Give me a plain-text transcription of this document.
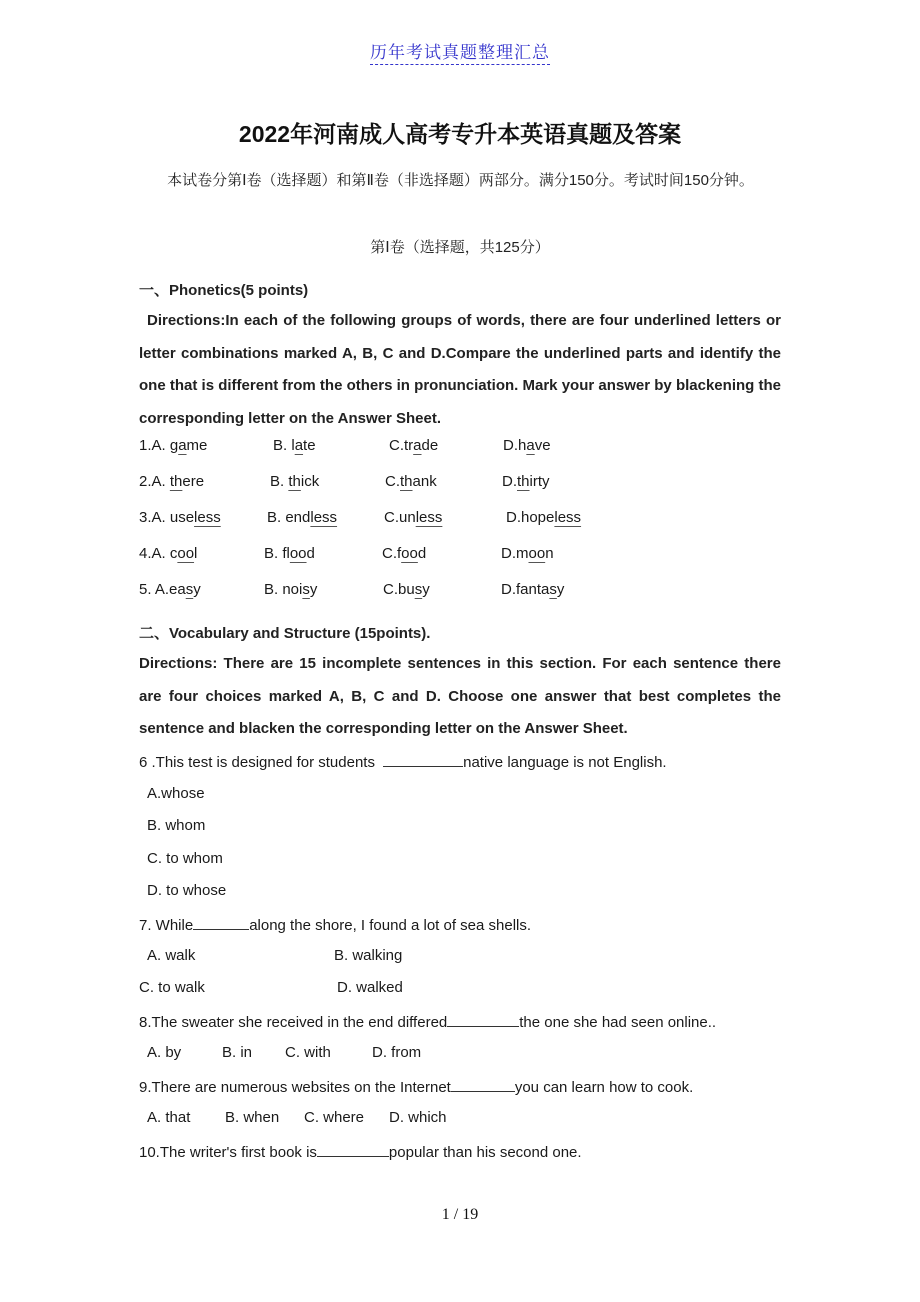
历年考试真题整理汇总
2022年河南成人高考专升本英语真题及答案
本试卷分第Ⅰ卷（选择题）和第Ⅱ卷（非选择题）两部分。满分150分。考试时间150分钟。
第Ⅰ卷（选择题，共125分）
一、Phonetics(5 points)
Directions:In each of the following groups of words, there are four underlined letters or letter combinations marked A, B, C and D.Compare the underlined parts and identify the one that is different from the others in pronunciation. Mark your answer by blackening the corresponding letter on the Answer Sheet.
1.A. game	B. late	C.trade	D.have
2.A. there	B. thick	C.thank	D.thirty
3.A. useless	B. endless	C.unless	D.hopeless
4.A. cool	B. flood	C.food	D.moon
5. A.easy	B. noisy	C.busy	D.fantasy
二、Vocabulary and Structure (15points).
Directions: There are 15 incomplete sentences in this section. For each sentence there are four choices marked A, B, C and D. Choose one answer that best completes the sentence and blacken the corresponding letter on the Answer Sheet.
6 .This test is designed for students	native language is not English.
A.whose
B. whom
C. to whom
D. to whose
7. While	along the shore, I found a lot of sea shells.
A. walk	B. walking
C. to walk	D. walked
8.The sweater she received in the end differed	the one she had seen online..
A. by	B. in C. with	D. from
9.There are numerous websites on the Internet	you can learn how to cook.
A. that B. when C. where D. which
10.The writer's first book is	popular than his second one.
1 / 19
